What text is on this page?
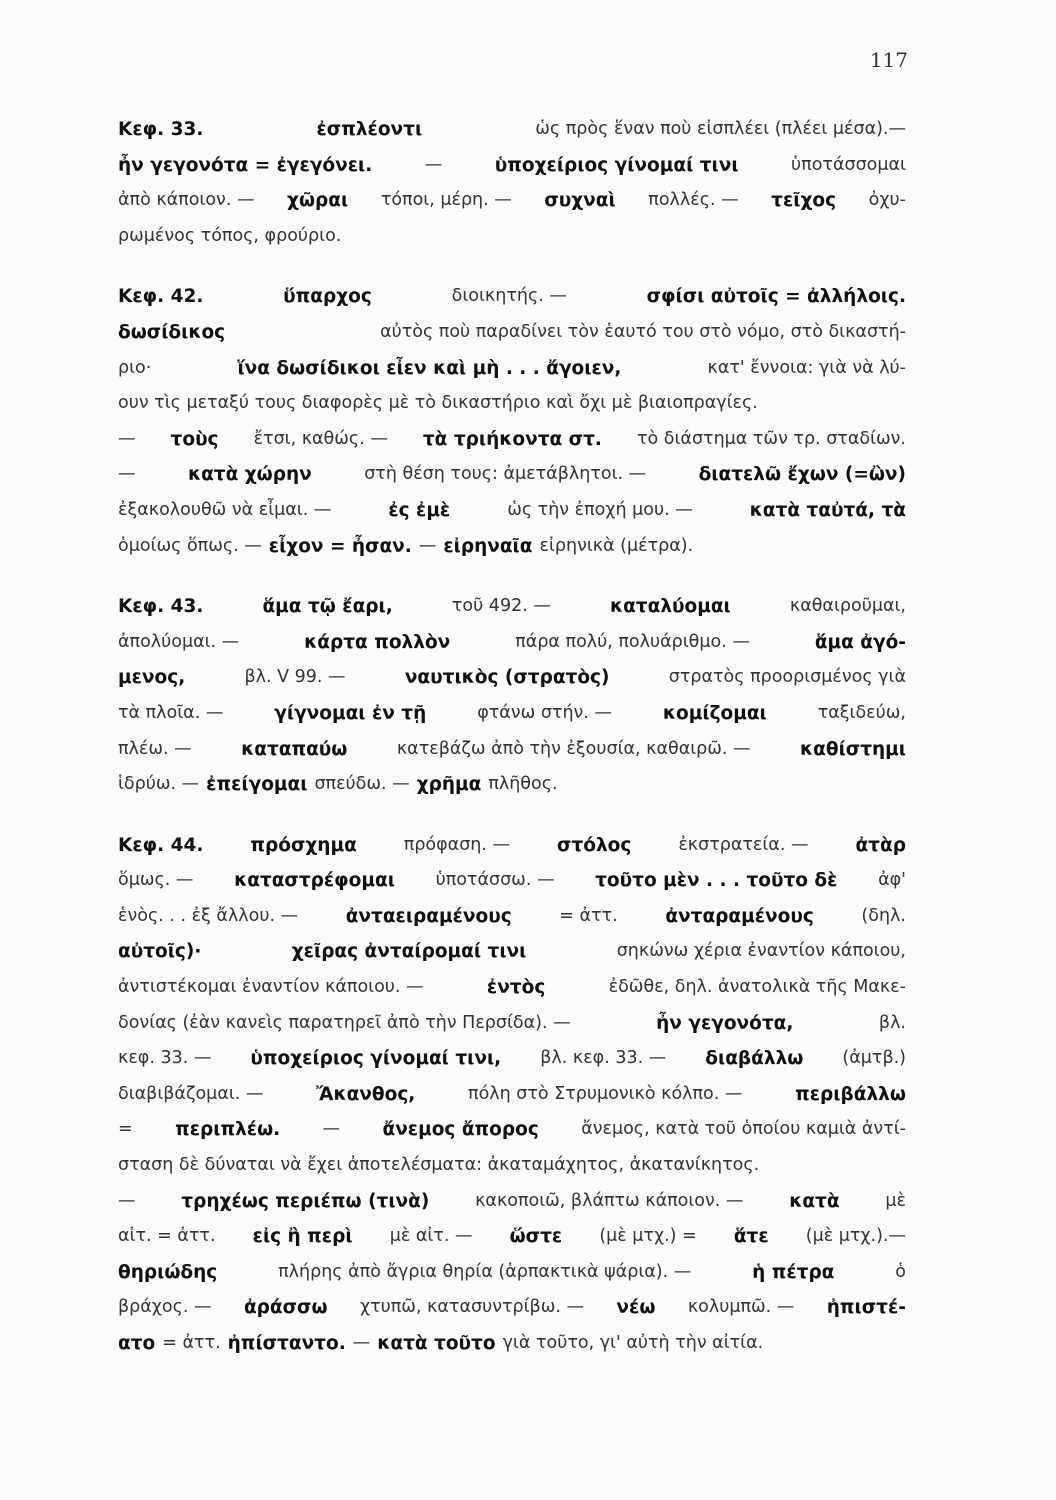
117
Κεφ. 33.	ἐσπλέοντι	ὡς πρὸς ἕναν ποὺ εἰσπλέει (πλέει μέσα).—
ἦν γεγονότα = ἐγεγόνει.	—	ὑποχείριος γίνομαί τινι	ὑποτάσσομαι
ἀπὸ κάποιον. — χῶραι τόποι, μέρη. — συχναὶ πολλές. — τεῖχος ὀχυ-
ρωμένος τόπος, φρούριο.
Κεφ. 42.	ὕπαρχος	διοικητής. —	σφίσι αὐτοῖς = ἀλλήλοις.
δωσίδικος	αὐτὸς ποὺ παραδίνει τὸν ἑαυτό του στὸ νόμο, στὸ δικαστή-
ριο·	ἵνα δωσίδικοι εἶεν καὶ μὴ . . . ἄγοιεν,	κατ' ἔννοια: γιὰ νὰ λύ-
ουν τὶς μεταξύ τους διαφορὲς μὲ τὸ δικαστήριο καὶ ὄχι μὲ βιαιοπραγίες.
— τοὺς ἔτσι, καθώς. — τὰ τριήκοντα στ. τὸ διάστημα τῶν τρ. σταδίων.
—	κατὰ χώρην	στὴ θέση τους: ἀμετάβλητοι. —	διατελῶ ἔχων (=ὢν)
ἐξακολουθῶ νὰ εἶμαι. —	ἐς ἐμὲ	ὡς τὴν ἐποχή μου. —	κατὰ ταὐτά, τὰ
ὁμοίως ὅπως. — εἶχον = ἦσαν. — εἰρηναῖα εἰρηνικὰ (μέτρα).
Κεφ. 43.	ἅμα τῷ ἔαρι,	τοῦ 492. —	καταλύομαι	καθαιροῦμαι,
ἀπολύομαι. —	κάρτα πολλὸν	πάρα πολύ, πολυάριθμο. —	ἅμα ἀγό-
μενος,	βλ. V 99. —	ναυτικὸς (στρατὸς)	στρατὸς προορισμένος γιὰ
τὰ πλοῖα. —	γίγνομαι ἐν τῇ	φτάνω στήν. —	κομίζομαι	ταξιδεύω,
πλέω. —	καταπαύω	κατεβάζω ἀπὸ τὴν ἐξουσία, καθαιρῶ. —	καθίστημι
ἱδρύω. — ἐπείγομαι σπεύδω. — χρῆμα πλῆθος.
Κεφ. 44.	πρόσχημα	πρόφαση. —	στόλος	ἐκστρατεία. —	ἀτὰρ
ὅμως. — καταστρέφομαι ὑποτάσσω. — τοῦτο μὲν . . . τοῦτο δὲ ἀφ'
ἑνὸς. . . ἐξ ἄλλου. —	ἀνταειραμένους	= ἀττ.	ἀνταραμένους	(δηλ.
αὐτοῖς)·	χεῖρας ἀνταίρομαί τινι	σηκώνω χέρια ἐναντίον κάποιου,
ἀντιστέκομαι ἐναντίον κάποιου. —	ἐντὸς	ἐδῶθε, δηλ. ἀνατολικὰ τῆς Μακε-
δονίας (ἐὰν κανεὶς παρατηρεῖ ἀπὸ τὴν Περσίδα). —	ἦν γεγονότα,	βλ.
κεφ. 33. — ὑποχείριος γίνομαί τινι, βλ. κεφ. 33. — διαβάλλω (ἀμτβ.)
διαβιβάζομαι. —	Ἄκανθος,	πόλη στὸ Στρυμονικὸ κόλπο. —	περιβάλλω
= περιπλέω. — ἄνεμος ἄπορος ἄνεμος, κατὰ τοῦ ὁποίου καμιὰ ἀντί-
σταση δὲ δύναται νὰ ἔχει ἀποτελέσματα: ἀκαταμάχητος, ἀκατανίκητος.
— τρηχέως περιέπω (τινὰ)	κακοποιῶ, βλάπτω κάποιον. — κατὰ	μὲ
αἰτ. = ἀττ. εἰς ἢ περὶ μὲ αἰτ. — ὥστε (μὲ μτχ.) = ἅτε (μὲ μτχ.).—
θηριώδης	πλήρης ἀπὸ ἄγρια θηρία (ἁρπακτικὰ ψάρια). —	ἡ πέτρα	ὁ
βράχος. — ἀράσσω χτυπῶ, κατασυντρίβω. — νέω κολυμπῶ. — ἠπιστέ-
ατο = ἀττ. ἠπίσταντο. — κατὰ τοῦτο γιὰ τοῦτο, γι' αὐτὴ τὴν αἰτία.
